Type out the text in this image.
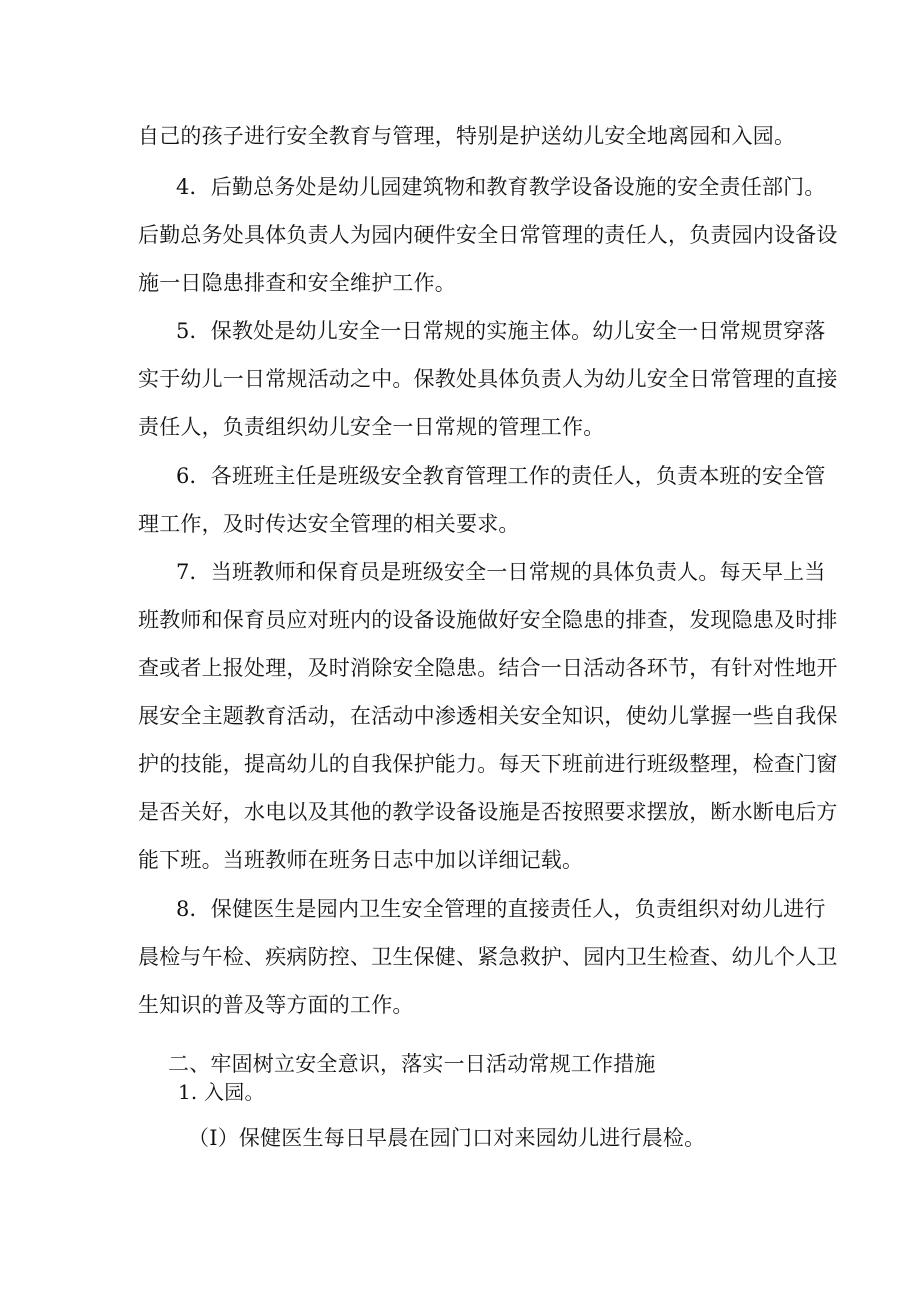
自己的孩子进行安全教育与管理，特别是护送幼儿安全地离园和入园。
4．后勤总务处是幼儿园建筑物和教育教学设备设施的安全责任部门。
后勤总务处具体负责人为园内硬件安全日常管理的责任人，负责园内设备设
施一日隐患排查和安全维护工作。
5．保教处是幼儿安全一日常规的实施主体。幼儿安全一日常规贯穿落
实于幼儿一日常规活动之中。保教处具体负责人为幼儿安全日常管理的直接
责任人，负责组织幼儿安全一日常规的管理工作。
6．各班班主任是班级安全教育管理工作的责任人，负责本班的安全管
理工作，及时传达安全管理的相关要求。
7．当班教师和保育员是班级安全一日常规的具体负责人。每天早上当
班教师和保育员应对班内的设备设施做好安全隐患的排查，发现隐患及时排
查或者上报处理，及时消除安全隐患。结合一日活动各环节，有针对性地开
展安全主题教育活动，在活动中渗透相关安全知识，使幼儿掌握一些自我保
护的技能，提高幼儿的自我保护能力。每天下班前进行班级整理，检查门窗
是否关好，水电以及其他的教学设备设施是否按照要求摆放，断水断电后方
能下班。当班教师在班务日志中加以详细记载。
8．保健医生是园内卫生安全管理的直接责任人，负责组织对幼儿进行
晨检与午检、疾病防控、卫生保健、紧急救护、园内卫生检查、幼儿个人卫
生知识的普及等方面的工作。
二、牢固树立安全意识，落实一日活动常规工作措施
1. 入园。
（I）保健医生每日早晨在园门口对来园幼儿进行晨检。
